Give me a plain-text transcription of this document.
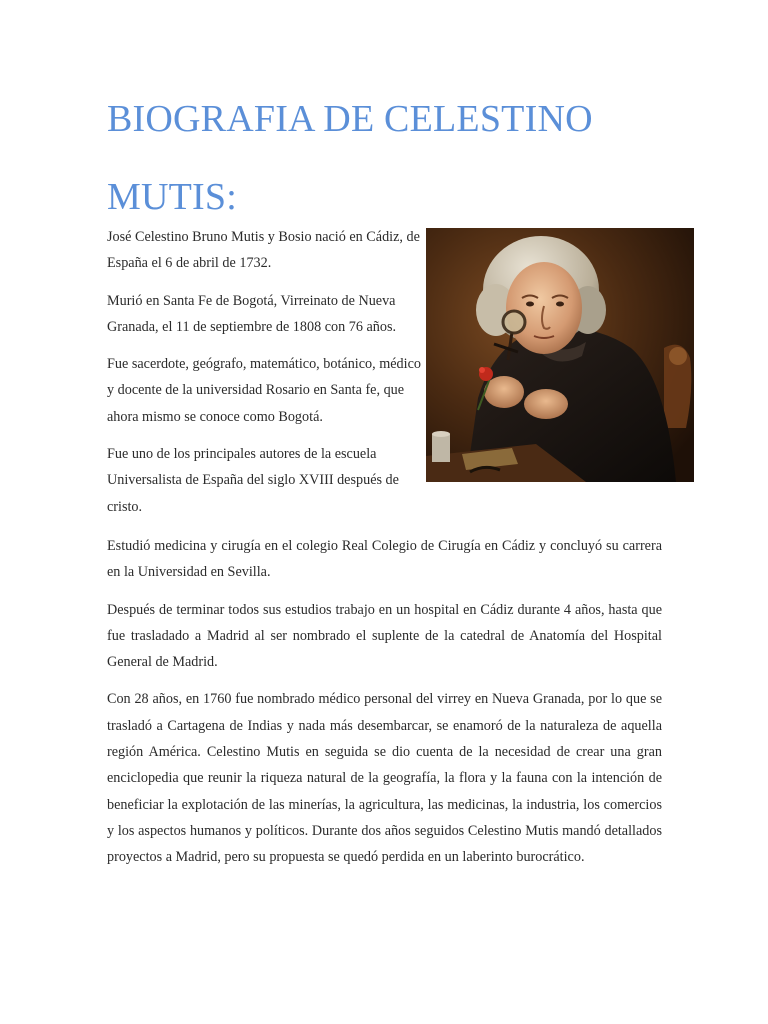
BIOGRAFIA DE CELESTINO
MUTIS:

José Celestino Bruno Mutis y Bosio nació en Cádiz, de España el 6 de abril de 1732.

Murió en Santa Fe de Bogotá, Virreinato de Nueva Granada, el 11 de septiembre de 1808 con 76 años.

Fue sacerdote, geógrafo, matemático, botánico, médico y docente de la universidad Rosario en Santa fe, que ahora mismo se conoce como Bogotá.

Fue uno de los principales autores de la escuela Universalista de España del siglo XVIII después de cristo.

Estudió medicina y cirugía en el colegio Real Colegio de Cirugía en Cádiz y concluyó su carrera en la Universidad en Sevilla.

Después de terminar todos sus estudios trabajo en un hospital en Cádiz durante 4 años, hasta que fue trasladado a Madrid al ser nombrado el suplente de la catedral de Anatomía del Hospital General de Madrid.

Con 28 años, en 1760 fue nombrado médico personal del virrey en Nueva Granada, por lo que se trasladó a Cartagena de Indias y nada más desembarcar, se enamoró de la naturaleza de aquella región América. Celestino Mutis en seguida se dio cuenta de la necesidad de crear una gran enciclopedia que reunir la riqueza natural de la geografía, la flora y la fauna con la intención de beneficiar la explotación de las minerías, la agricultura, las medicinas, la industria, los comercios y los aspectos humanos y políticos. Durante dos años seguidos Celestino Mutis mandó detallados proyectos a Madrid, pero su propuesta se quedó perdida en un laberinto burocrático.
